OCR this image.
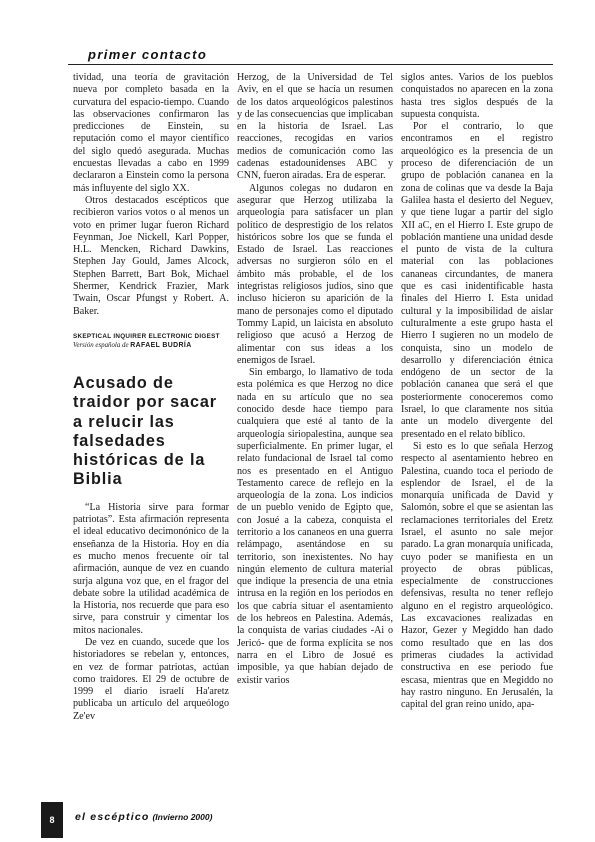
primer contacto

tividad, una teoría de gravitación nueva por completo basada en la curvatura del espacio-tiempo. Cuando las observaciones confirmaron las predicciones de Einstein, su reputación como el mayor científico del siglo quedó asegurada. Muchas encuestas llevadas a cabo en 1999 declararon a Einstein como la persona más influyente del siglo XX.

Otros destacados escépticos que recibieron varios votos o al menos un voto en primer lugar fueron Richard Feynman, Joe Nickell, Karl Popper, H.L. Mencken, Richard Dawkins, Stephen Jay Gould, James Alcock, Stephen Barrett, Bart Bok, Michael Shermer, Kendrick Frazier, Mark Twain, Oscar Pfungst y Robert. A. Baker.

SKEPTICAL INQUIRER ELECTRONIC DIGEST
Versión española de RAFAEL BUDRÍA
Acusado de traidor por sacar a relucir las falsedades históricas de la Biblia

“La Historia sirve para formar patriotas”. Esta afirmación representa el ideal educativo decimonónico de la enseñanza de la Historia. Hoy en día es mucho menos frecuente oír tal afirmación, aunque de vez en cuando surja alguna voz que, en el fragor del debate sobre la utilidad académica de la Historia, nos recuerde que para eso sirve, para construir y cimentar los mitos nacionales.

De vez en cuando, sucede que los historiadores se rebelan y, entonces, en vez de formar patriotas, actúan como traidores. El 29 de octubre de 1999 el diario israelí Ha'aretz publicaba un artículo del arqueólogo Ze'ev

Herzog, de la Universidad de Tel Aviv, en el que se hacía un resumen de los datos arqueológicos palestinos y de las consecuencias que implicaban en la historia de Israel. Las reacciones, recogidas en varios medios de comunicación como las cadenas estadounidenses ABC y CNN, fueron airadas. Era de esperar.

Algunos colegas no dudaron en asegurar que Herzog utilizaba la arqueología para satisfacer un plan político de desprestigio de los relatos históricos sobre los que se funda el Estado de Israel. Las reacciones adversas no surgieron sólo en el ámbito más probable, el de los integristas religiosos judíos, sino que incluso hicieron su aparición de la mano de personajes como el diputado Tommy Lapid, un laicista en absoluto religioso que acusó a Herzog de alimentar con sus ideas a los enemigos de Israel.

Sin embargo, lo llamativo de toda esta polémica es que Herzog no dice nada en su artículo que no sea conocido desde hace tiempo para cualquiera que esté al tanto de la arqueología siriopalestina, aunque sea superficialmente. En primer lugar, el relato fundacional de Israel tal como nos es presentado en el Antiguo Testamento carece de reflejo en la arqueología de la zona. Los indicios de un pueblo venido de Egipto que, con Josué a la cabeza, conquista el territorio a los cananeos en una guerra relámpago, asentándose en su territorio, son inexistentes. No hay ningún elemento de cultura material que indique la presencia de una etnia intrusa en la región en los periodos en los que cabría situar el asentamiento de los hebreos en Palestina. Además, la conquista de varias ciudades -Ai o Jericó- que de forma explícita se nos narra en el Libro de Josué es imposible, ya que habían dejado de existir varios

siglos antes. Varios de los pueblos conquistados no aparecen en la zona hasta tres siglos después de la supuesta conquista.

Por el contrario, lo que encontramos en el registro arqueológico es la presencia de un proceso de diferenciación de un grupo de población cananea en la zona de colinas que va desde la Baja Galilea hasta el desierto del Neguev, y que tiene lugar a partir del siglo XII aC, en el Hierro I. Este grupo de población mantiene una unidad desde el punto de vista de la cultura material con las poblaciones cananeas circundantes, de manera que es casi inidentificable hasta finales del Hierro I. Esta unidad cultural y la imposibilidad de aislar culturalmente a este grupo hasta el Hierro I sugieren no un modelo de conquista, sino un modelo de desarrollo y diferenciación étnica endógeno de un sector de la población cananea que será el que posteriormente conoceremos como Israel, lo que claramente nos sitúa ante un modelo divergente del presentado en el relato bíblico.

Si esto es lo que señala Herzog respecto al asentamiento hebreo en Palestina, cuando toca el periodo de esplendor de Israel, el de la monarquía unificada de David y Salomón, sobre el que se asientan las reclamaciones territoriales del Eretz Israel, el asunto no sale mejor parado. La gran monarquía unificada, cuyo poder se manifiesta en un proyecto de obras públicas, especialmente de construcciones defensivas, resulta no tener reflejo alguno en el registro arqueológico. Las excavaciones realizadas en Hazor, Gezer y Megiddo han dado como resultado que en las dos primeras ciudades la actividad constructiva en ese periodo fue escasa, mientras que en Megiddo no hay rastro ninguno. En Jerusalén, la capital del gran reino unido, apa-

8	el escéptico (Invierno 2000)
